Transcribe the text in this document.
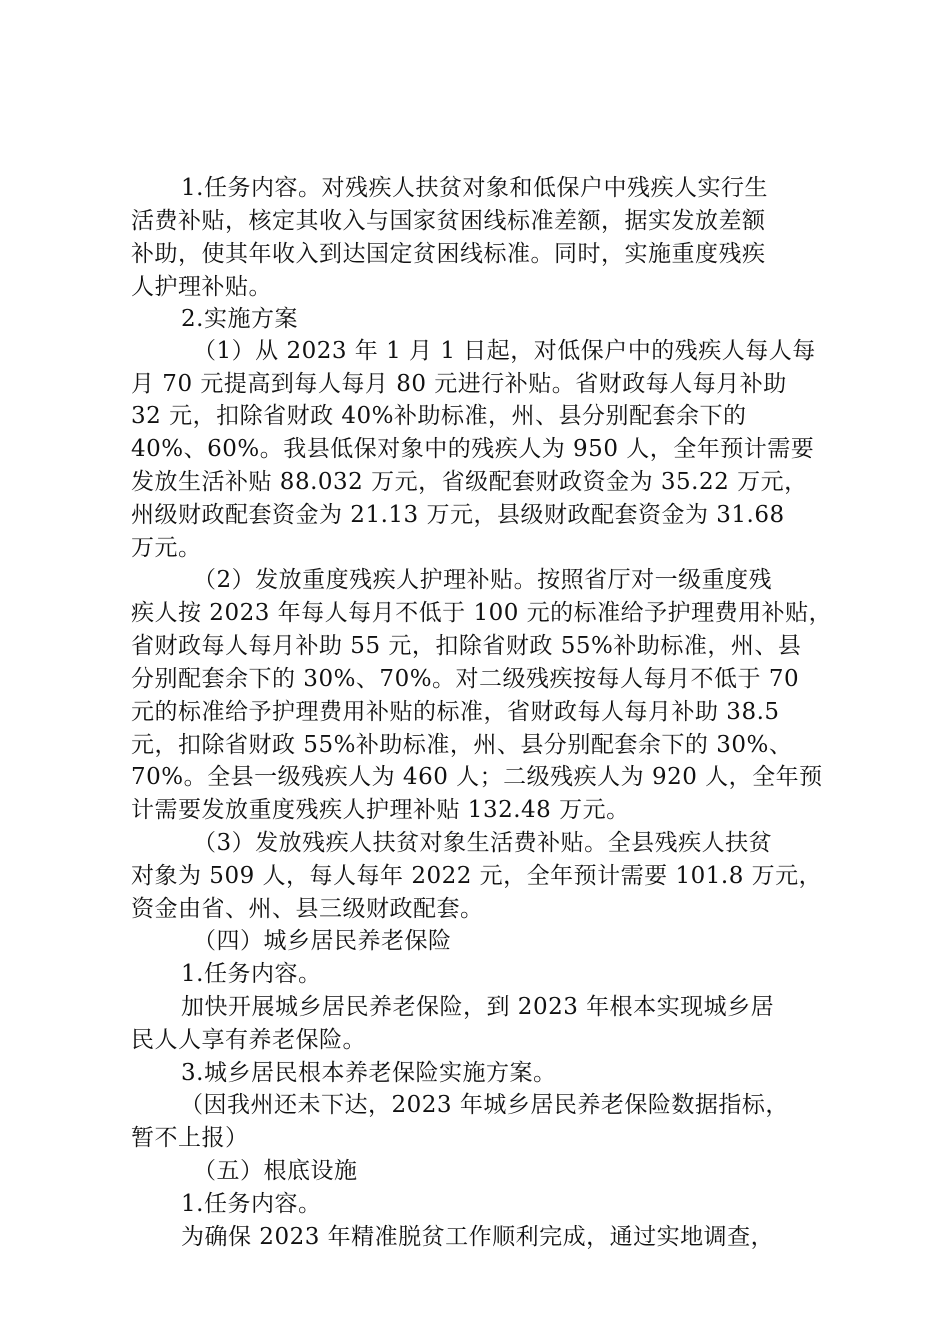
1.任务内容。对残疾人扶贫对象和低保户中残疾人实行生
活费补贴，核定其收入与国家贫困线标准差额，据实发放差额
补助，使其年收入到达国定贫困线标准。同时，实施重度残疾
人护理补贴。
2.实施方案
（1）从 2023 年 1 月 1 日起，对低保户中的残疾人每人每
月 70 元提高到每人每月 80 元进行补贴。省财政每人每月补助
32 元，扣除省财政 40%补助标准，州、县分别配套余下的
40%、60%。我县低保对象中的残疾人为 950 人，全年预计需要
发放生活补贴 88.032 万元，省级配套财政资金为 35.22 万元，
州级财政配套资金为 21.13 万元，县级财政配套资金为 31.68
万元。
（2）发放重度残疾人护理补贴。按照省厅对一级重度残
疾人按 2023 年每人每月不低于 100 元的标准给予护理费用补贴，
省财政每人每月补助 55 元，扣除省财政 55%补助标准，州、县
分别配套余下的 30%、70%。对二级残疾按每人每月不低于 70
元的标准给予护理费用补贴的标准，省财政每人每月补助 38.5
元，扣除省财政 55%补助标准，州、县分别配套余下的 30%、
70%。全县一级残疾人为 460 人；二级残疾人为 920 人，全年预
计需要发放重度残疾人护理补贴 132.48 万元。
（3）发放残疾人扶贫对象生活费补贴。全县残疾人扶贫
对象为 509 人，每人每年 2022 元，全年预计需要 101.8 万元，
资金由省、州、县三级财政配套。
（四）城乡居民养老保险
1.任务内容。
加快开展城乡居民养老保险，到 2023 年根本实现城乡居
民人人享有养老保险。
3.城乡居民根本养老保险实施方案。
（因我州还未下达，2023 年城乡居民养老保险数据指标，
暂不上报）
（五）根底设施
1.任务内容。
为确保 2023 年精准脱贫工作顺利完成，通过实地调查，
